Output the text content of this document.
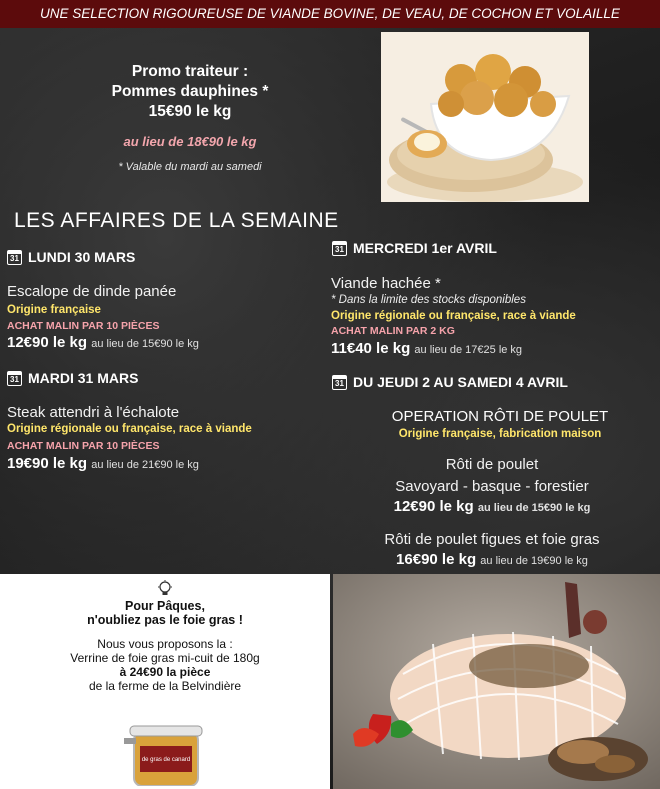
UNE SELECTION RIGOUREUSE DE VIANDE BOVINE, DE VEAU, DE COCHON ET VOLAILLE
Promo traiteur :
Pommes dauphines *
15€90 le kg
au lieu de 18€90 le kg
* Valable du mardi au samedi
LES AFFAIRES DE LA SEMAINE
31 LUNDI 30 MARS
Escalope de dinde panée
Origine française
ACHAT MALIN PAR 10 PIÈCES
12€90 le kg au lieu de 15€90 le kg
31 MARDI 31 MARS
Steak attendri à l'échalote
Origine régionale ou française, race à viande
ACHAT MALIN PAR 10 PIÈCES
19€90 le kg au lieu de 21€90 le kg
31 MERCREDI 1er AVRIL
Viande hachée *
* Dans la limite des stocks disponibles
Origine régionale ou française, race à viande
ACHAT MALIN PAR 2 KG
11€40 le kg au lieu de 17€25 le kg
31 DU JEUDI 2 AU SAMEDI 4 AVRIL
OPERATION RÔTI DE POULET
Origine française, fabrication maison
Rôti de poulet
Savoyard - basque - forestier
12€90 le kg au lieu de 15€90 le kg
Rôti de poulet figues et foie gras
16€90 le kg au lieu de 19€90 le kg
Pour Pâques,
n'oubliez pas le foie gras !
Nous vous proposons la :
Verrine de foie gras mi-cuit de 180g
à 24€90 la pièce
de la ferme de la Belvindière
de gras de canard
